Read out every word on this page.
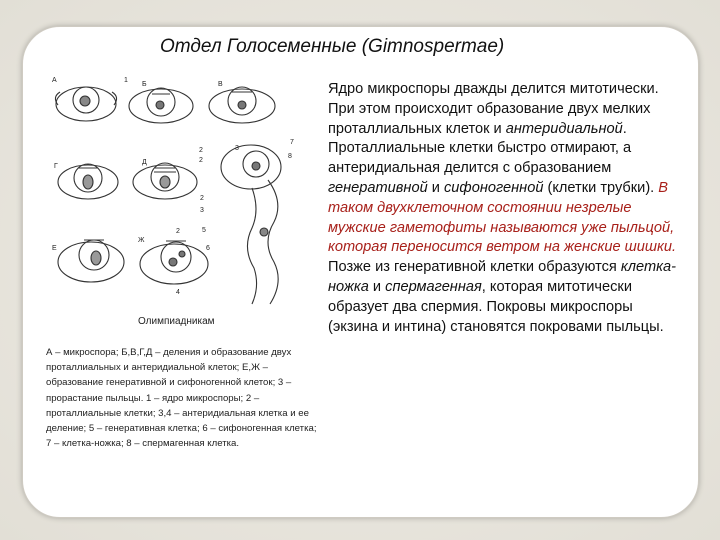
Отдел Голосеменные (Gimnospermae)
А	1
Б	В
Г
Д
2
2
3
3
7
8
2
Е
Ж
2	5
6
4
Олимпиадникам
А – микроспора; Б,В,Г,Д – деления и образование двух проталлиальных и антеридиальной клеток; Е,Ж – образование генеративной и сифоногенной клеток; 3 – прорастание пыльцы. 1 – ядро микроспоры; 2 – проталлиальные клетки; 3,4 – антеридиальная клетка и ее деление; 5 – генеративная клетка; 6 – сифоногенная клетка; 7 – клетка-ножка; 8 – спермагенная клетка.
Ядро микроспоры дважды делится митотически. При этом происходит образование двух мелких проталлиальных клеток и антеридиальной. Проталлиальные клетки быстро отмирают, а антеридиальная делится с образованием генеративной и сифоногенной (клетки трубки). В таком двухклеточном состоянии незрелые мужские гаметофиты называются уже пыльцой, которая переносится ветром на женские шишки. Позже из генеративной клетки образуются клетка-ножка и спермагенная, которая митотически образует два спермия. Покровы микроспоры (экзина и интина) становятся покровами пыльцы.
